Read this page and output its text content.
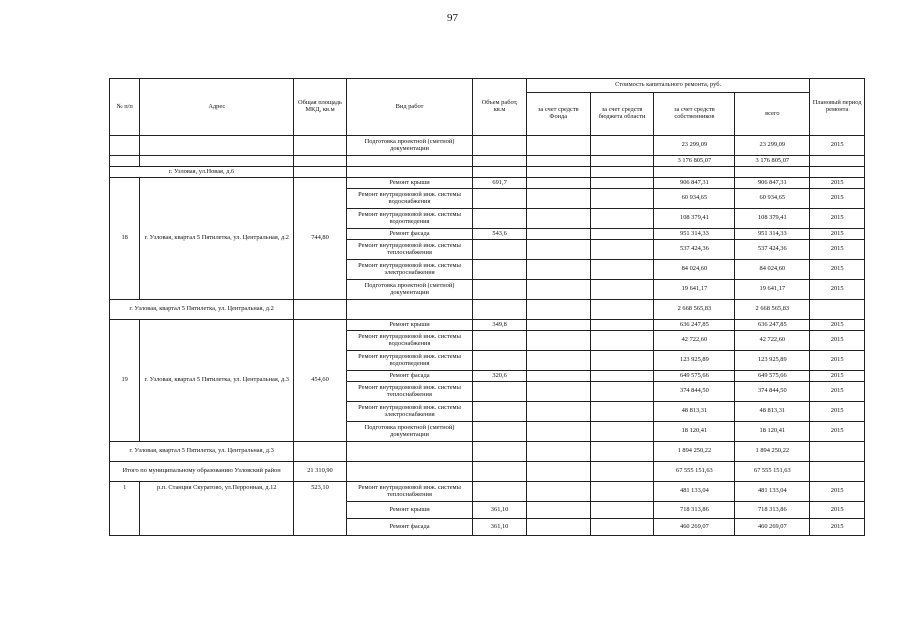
97
№ п/п	Адрес	Общая площадь МКД, кв.м	Вид работ	Объем работ, кв.м	Стоимость капитального ремонта, руб.				Плановый период ремонта
					за счет средств Фонда	за счет средств бюджета области	за счет средств собственников	всего	
			Подготовка проектной (сметной) документации				23 299,09	23 299,09	2015
							3 176 805,07	3 176 805,07	
г. Узловая, ул.Новая, д.6									
18	г. Узловая, квартал 5 Пятилетка, ул. Центральная, д.2	744,80	Ремонт крыши	691,7			906 847,31	906 847,31	2015
			Ремонт внутридомовой инж. системы водоснабжения				60 934,65	60 934,65	2015
			Ремонт внутридомовой инж. системы водоотведения				108 379,41	108 379,41	2015
			Ремонт фасада	543,6			951 314,33	951 314,33	2015
			Ремонт внутридомовой инж. системы теплоснабжения				537 424,36	537 424,36	2015
			Ремонт внутридомовой инж. системы электроснабжения				84 024,60	84 024,60	2015
			Подготовка проектной (сметной) документации				19 641,17	19 641,17	2015
г. Узловая, квартал 5 Пятилетка, ул. Центральная, д.2							2 668 565,83	2 668 565,83	
19	г. Узловая, квартал 5 Пятилетка, ул. Центральная, д.3	454,60	Ремонт крыши	349,8			636 247,85	636 247,85	2015
			Ремонт внутридомовой инж. системы водоснабжения				42 722,60	42 722,60	2015
			Ремонт внутридомовой инж. системы водоотведения				123 925,89	123 925,89	2015
			Ремонт фасада	320,6			649 575,66	649 575,66	2015
			Ремонт внутридомовой инж. системы теплоснабжения				374 844,50	374 844,50	2015
			Ремонт внутридомовой инж. системы электроснабжения				48 813,31	48 813,31	2015
			Подготовка проектной (сметной) документации				18 120,41	18 120,41	2015
г. Узловая, квартал 5 Пятилетка, ул. Центральная, д.3							1 894 250,22	1 894 250,22	
Итого по муниципальному образованию Узловский район		21 310,90					67 555 151,63	67 555 151,63	
1	р.п. Станция Скуратово, ул.Перронная, д.12	523,10	Ремонт внутридомовой инж. системы теплоснабжения				481 133,04	481 133,04	2015
			Ремонт крыши	361,10			718 313,86	718 313,86	2015
			Ремонт фасада	361,10			460 269,07	460 269,07	2015
